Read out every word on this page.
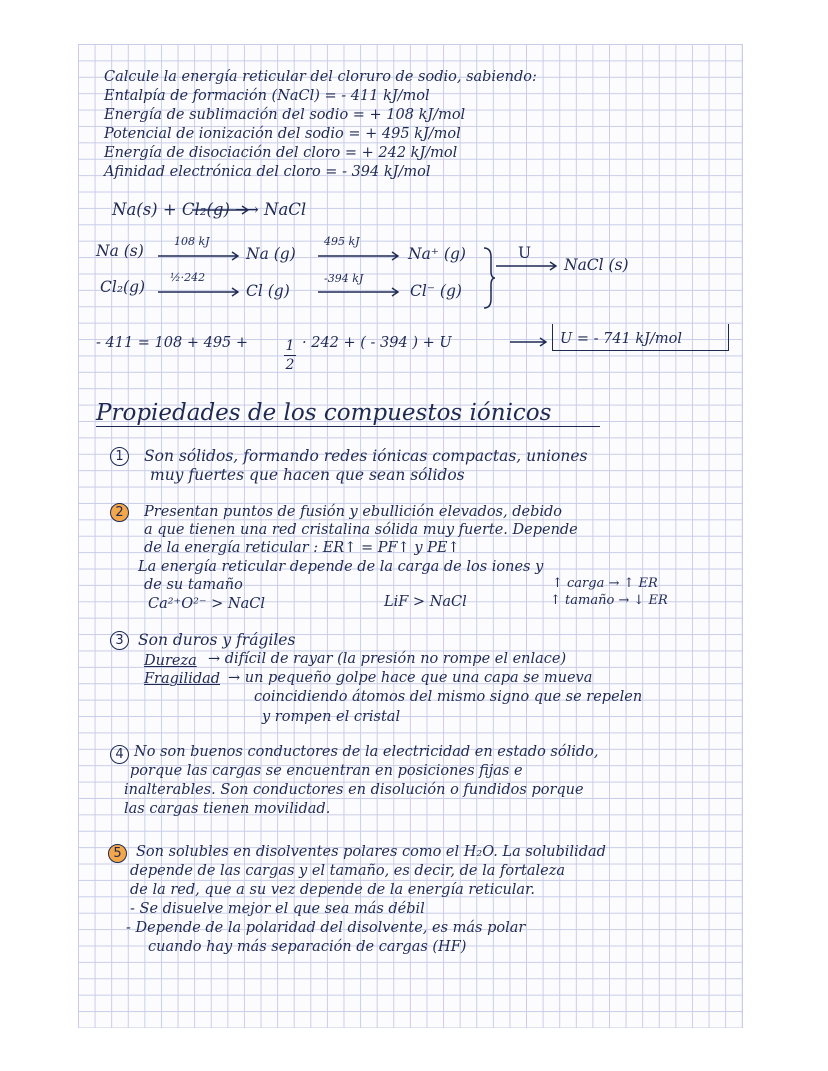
Calcule la energía reticular del cloruro de sodio, sabiendo:
Entalpía de formación (NaCl) = - 411 kJ/mol
Energía de sublimación del sodio = + 108 kJ/mol
Potencial de ionización del sodio = + 495 kJ/mol
Energía de disociación del cloro = + 242 kJ/mol
Afinidad electrónica del cloro = - 394 kJ/mol
Na(s) + Cl₂(g) ⟶ NaCl
Na (s)
108 kJ
Na (g)
495 kJ
Na⁺ (g)
Cl₂(g)
½·242
Cl (g)
-394 kJ
Cl⁻ (g)
U
NaCl (s)
- 411 = 108 + 495 +	1
2
· 242 + ( - 394 ) + U	U = - 741 kJ/mol
Propiedades de los compuestos iónicos
1	Son sólidos, formando redes iónicas compactas, uniones
muy fuertes que hacen que sean sólidos
2	Presentan puntos de fusión y ebullición elevados, debido
a que tienen una red cristalina sólida muy fuerte. Depende
de la energía reticular : ER↑ = PF↑ y PE↑
La energía reticular depende de la carga de los iones y
de su tamaño	↑ carga → ↑ ER
↑ tamaño → ↓ ER
Ca²⁺O²⁻ > NaCl	LiF > NaCl
3 Son duros y frágiles
Dureza → difícil de rayar (la presión no rompe el enlace)
Fragilidad → un pequeño golpe hace que una capa se mueva
coincidiendo átomos del mismo signo que se repelen
y rompen el cristal
4 No son buenos conductores de la electricidad en estado sólido,
porque las cargas se encuentran en posiciones fijas e
inalterables. Son conductores en disolución o fundidos porque
las cargas tienen movilidad.
5 Son solubles en disolventes polares como el H₂O. La solubilidad
depende de las cargas y el tamaño, es decir, de la fortaleza
de la red, que a su vez depende de la energía reticular.
- Se disuelve mejor el que sea más débil
- Depende de la polaridad del disolvente, es más polar
cuando hay más separación de cargas (HF)
